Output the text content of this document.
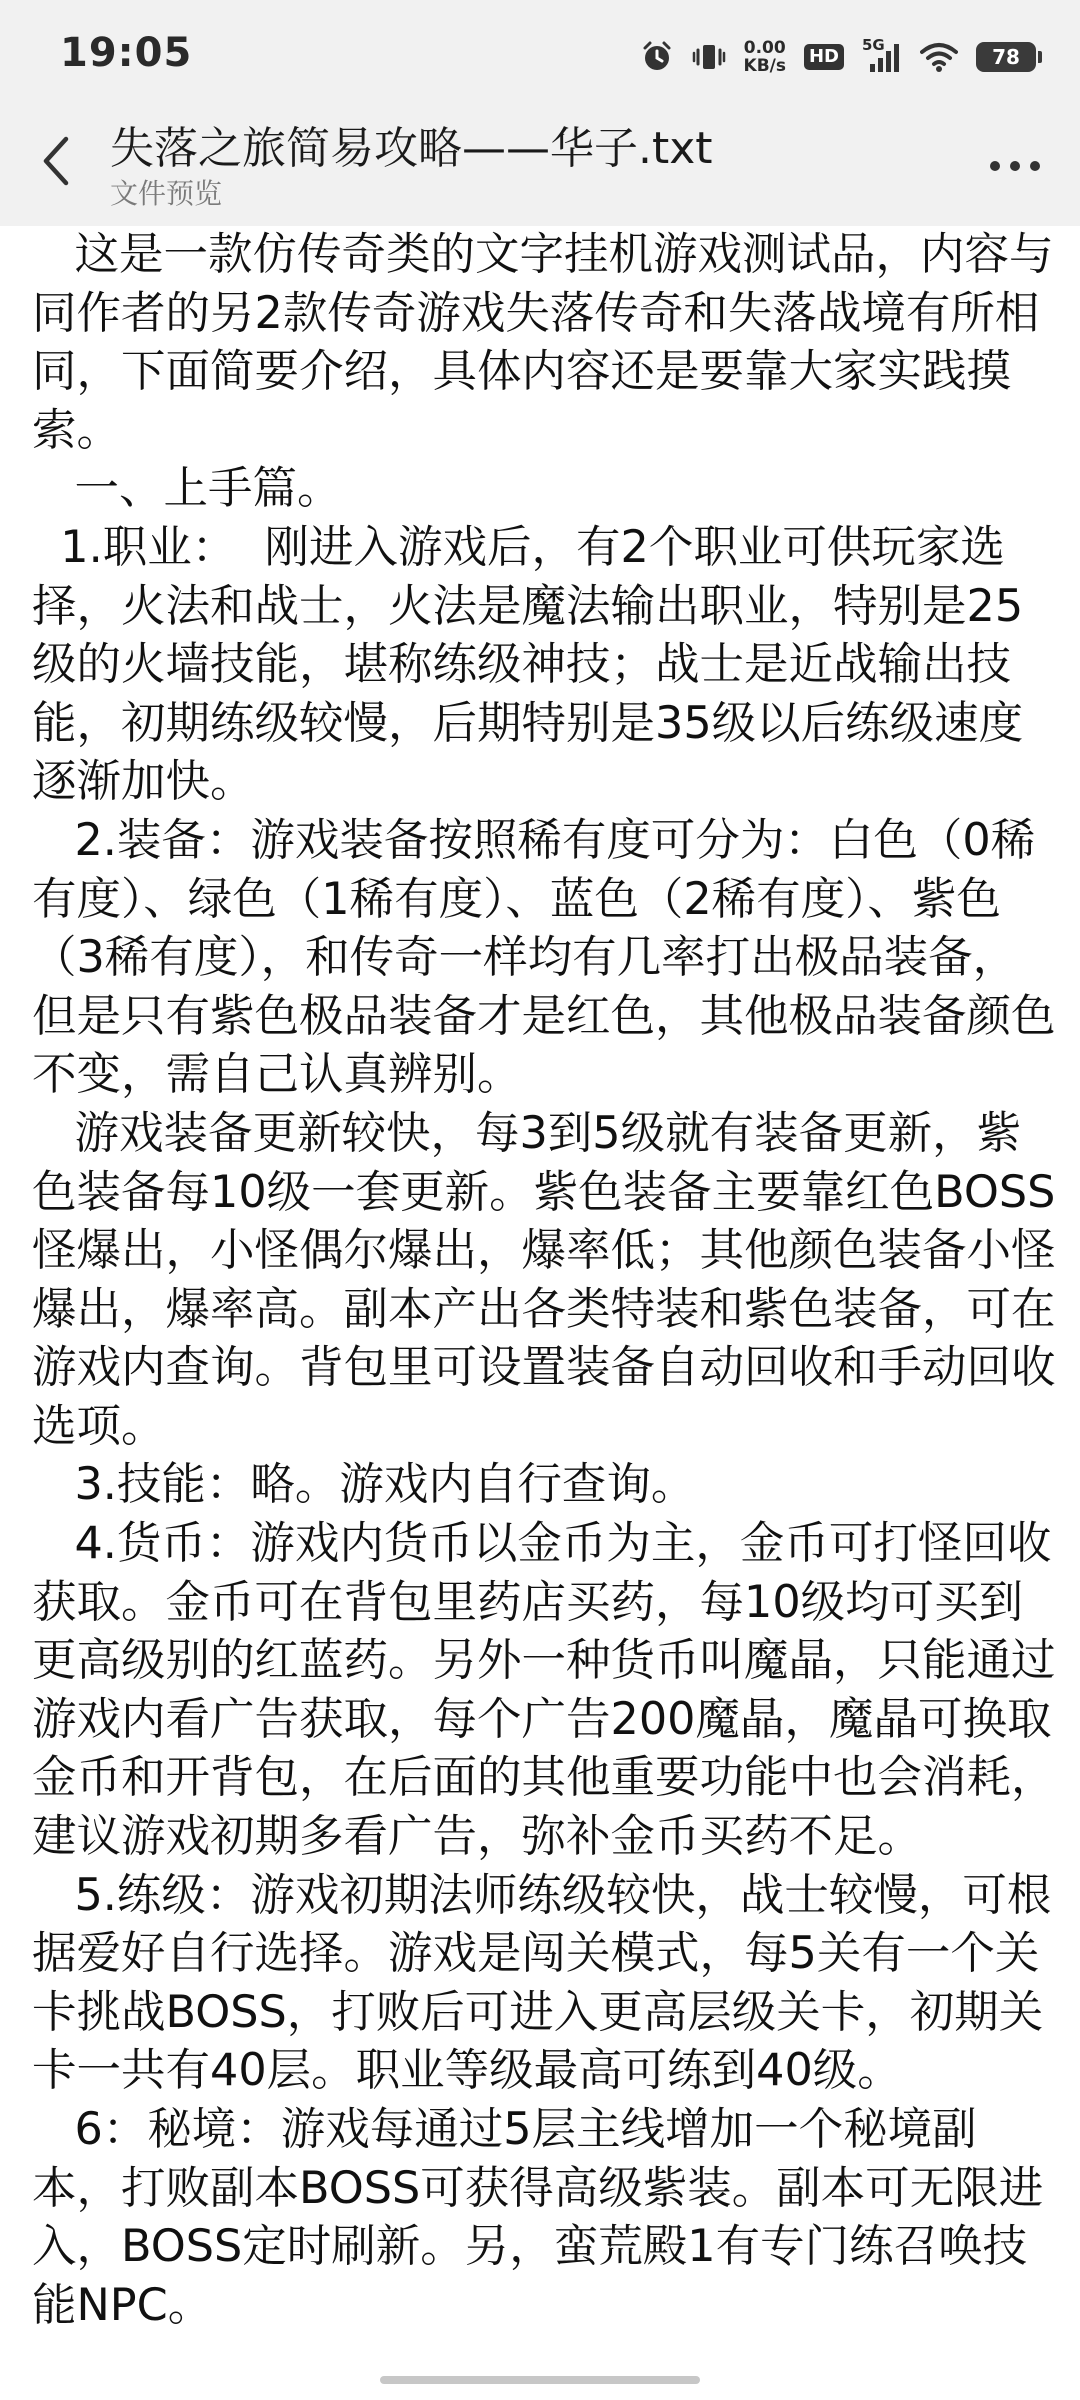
19:05	0.00
KB/s HD
5G	78
失落之旅简易攻略——华子.txt
文件预览

这是一款仿传奇类的文字挂机游戏测试品，内容与同作者的另2款传奇游戏失落传奇和失落战境有所相同，下面简要介绍，具体内容还是要靠大家实践摸索。
一、上手篇。
1.职业：  刚进入游戏后，有2个职业可供玩家选择，火法和战士，火法是魔法输出职业，特别是25级的火墙技能，堪称练级神技；战士是近战输出技能，初期练级较慢，后期特别是35级以后练级速度逐渐加快。
2.装备：游戏装备按照稀有度可分为：白色（0稀有度）、绿色（1稀有度）、蓝色（2稀有度）、紫色（3稀有度），和传奇一样均有几率打出极品装备，但是只有紫色极品装备才是红色，其他极品装备颜色不变，需自己认真辨别。
游戏装备更新较快，每3到5级就有装备更新，紫色装备每10级一套更新。紫色装备主要靠红色BOSS怪爆出，小怪偶尔爆出，爆率低；其他颜色装备小怪爆出，爆率高。副本产出各类特装和紫色装备，可在游戏内查询。背包里可设置装备自动回收和手动回收选项。
3.技能：略。游戏内自行查询。
4.货币：游戏内货币以金币为主，金币可打怪回收获取。金币可在背包里药店买药，每10级均可买到更高级别的红蓝药。另外一种货币叫魔晶，只能通过游戏内看广告获取，每个广告200魔晶，魔晶可换取金币和开背包，在后面的其他重要功能中也会消耗，建议游戏初期多看广告，弥补金币买药不足。
5.练级：游戏初期法师练级较快，战士较慢，可根据爱好自行选择。游戏是闯关模式，每5关有一个关卡挑战BOSS，打败后可进入更高层级关卡，初期关卡一共有40层。职业等级最高可练到40级。
6：秘境：游戏每通过5层主线增加一个秘境副本，打败副本BOSS可获得高级紫装。副本可无限进入，BOSS定时刷新。另，蛮荒殿1有专门练召唤技能NPC。
